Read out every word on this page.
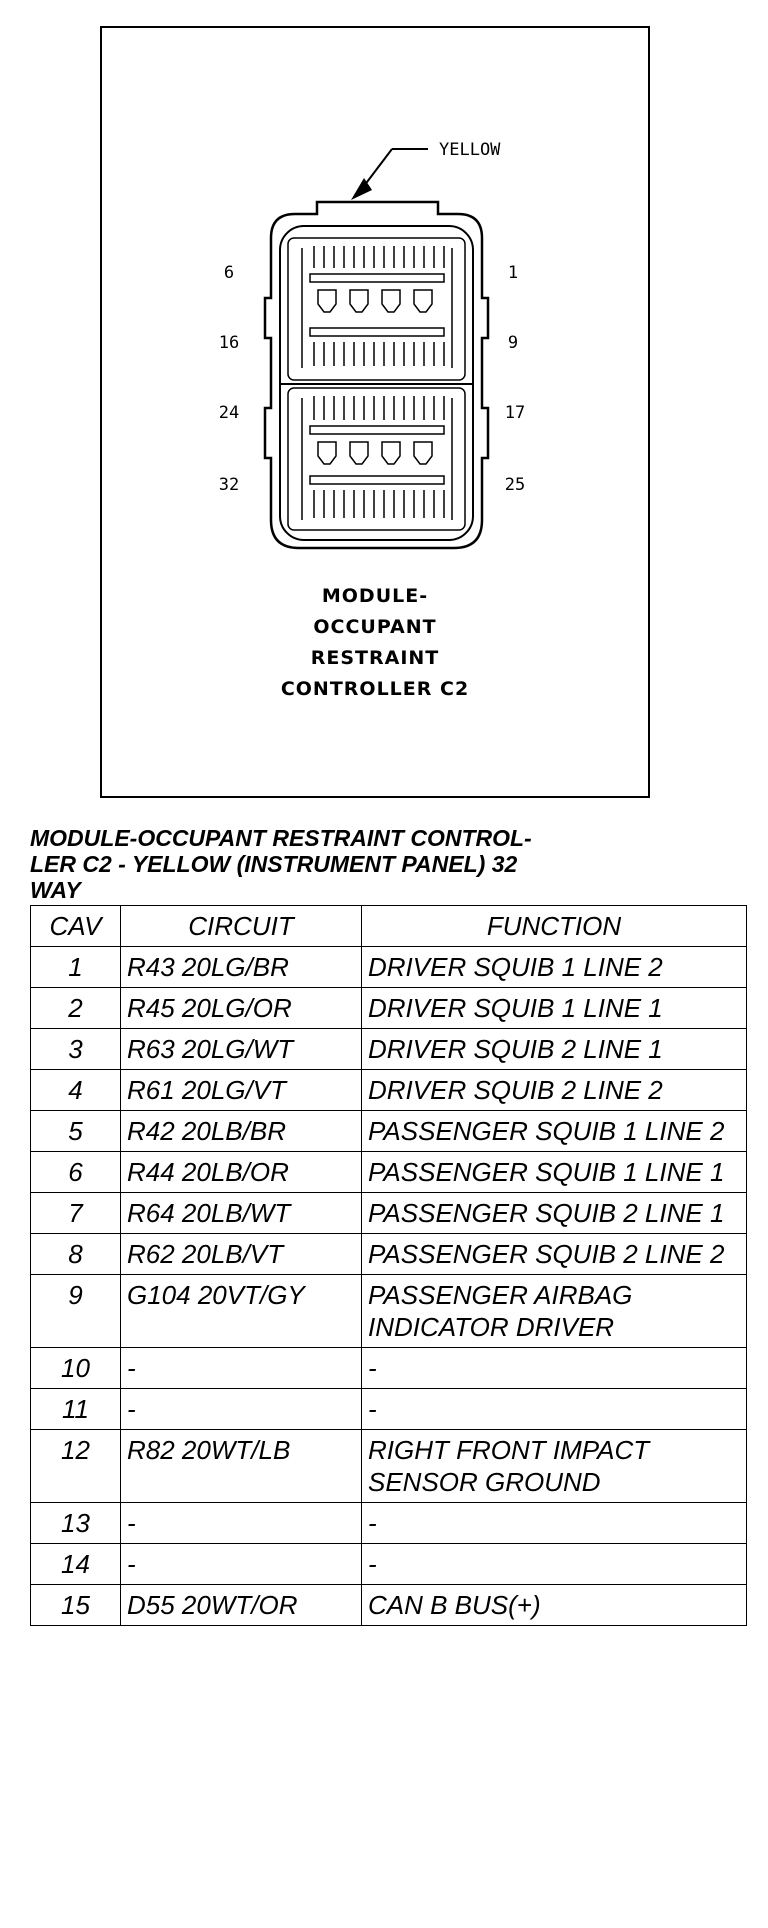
YELLOW
6
16
24
32
1
9
17
25
MODULE-
OCCUPANT
RESTRAINT
CONTROLLER C2
MODULE-OCCUPANT RESTRAINT CONTROL-
LER C2 - YELLOW (INSTRUMENT PANEL) 32
WAY
CAV	CIRCUIT	FUNCTION
1	R43 20LG/BR	DRIVER SQUIB 1 LINE 2
2	R45 20LG/OR	DRIVER SQUIB 1 LINE 1
3	R63 20LG/WT	DRIVER SQUIB 2 LINE 1
4	R61 20LG/VT	DRIVER SQUIB 2 LINE 2
5	R42 20LB/BR	PASSENGER SQUIB 1 LINE 2
6	R44 20LB/OR	PASSENGER SQUIB 1 LINE 1
7	R64 20LB/WT	PASSENGER SQUIB 2 LINE 1
8	R62 20LB/VT	PASSENGER SQUIB 2 LINE 2
9	G104 20VT/GY	PASSENGER AIRBAG INDICATOR DRIVER
10	-	-
11	-	-
12	R82 20WT/LB	RIGHT FRONT IMPACT SENSOR GROUND
13	-	-
14	-	-
15	D55 20WT/OR	CAN B BUS(+)
